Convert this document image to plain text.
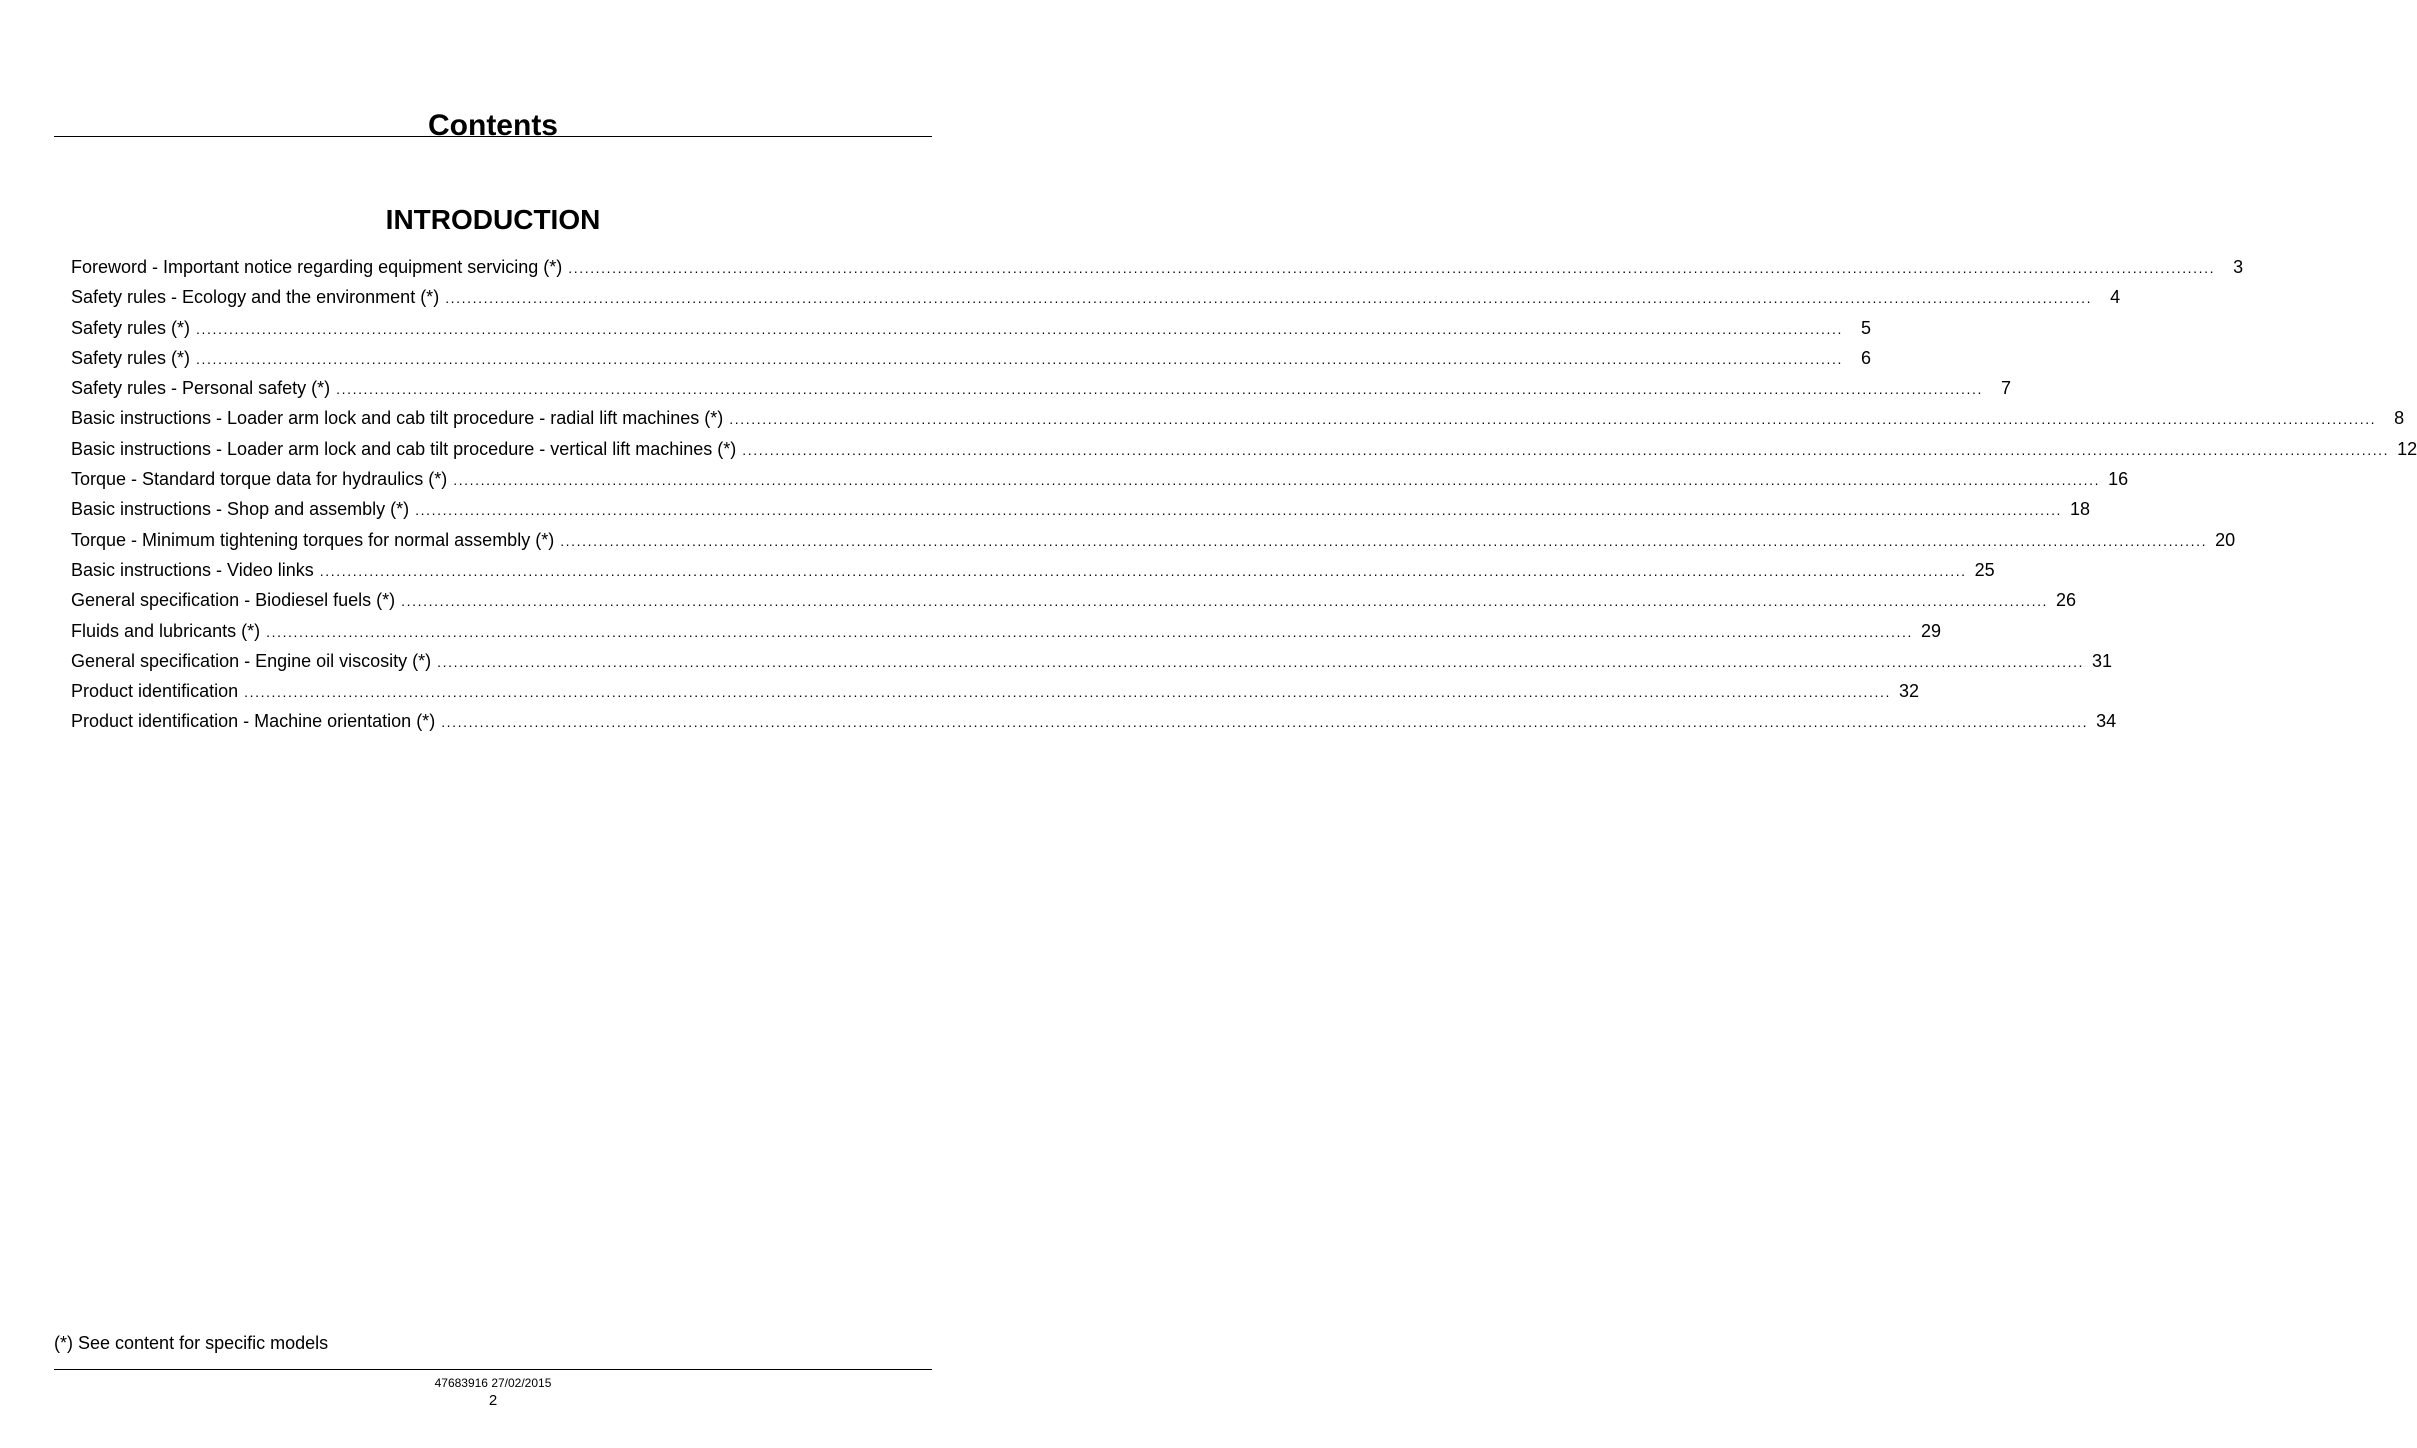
Contents
INTRODUCTION
Foreword - Important notice regarding equipment servicing (*) ............................................................................................................................................................................................................................................................................................................ 3
Safety rules - Ecology and the environment (*) ............................................................................................................................................................................................................................................................................................................ 4
Safety rules (*) ............................................................................................................................................................................................................................................................................................................ 5
Safety rules (*) ............................................................................................................................................................................................................................................................................................................ 6
Safety rules - Personal safety (*) ............................................................................................................................................................................................................................................................................................................ 7
Basic instructions - Loader arm lock and cab tilt procedure - radial lift machines (*) ............................................................................................................................................................................................................................................................................................................ 8
Basic instructions - Loader arm lock and cab tilt procedure - vertical lift machines (*) ............................................................................................................................................................................................................................................................................................................ 12
Torque - Standard torque data for hydraulics (*) ............................................................................................................................................................................................................................................................................................................ 16
Basic instructions - Shop and assembly (*) ............................................................................................................................................................................................................................................................................................................ 18
Torque - Minimum tightening torques for normal assembly (*) ............................................................................................................................................................................................................................................................................................................ 20
Basic instructions - Video links ............................................................................................................................................................................................................................................................................................................ 25
General specification - Biodiesel fuels (*) ............................................................................................................................................................................................................................................................................................................ 26
Fluids and lubricants (*) ............................................................................................................................................................................................................................................................................................................ 29
General specification - Engine oil viscosity (*) ............................................................................................................................................................................................................................................................................................................ 31
Product identification ............................................................................................................................................................................................................................................................................................................ 32
Product identification - Machine orientation (*) ............................................................................................................................................................................................................................................................................................................ 34
(*) See content for specific models
47683916 27/02/2015
2
